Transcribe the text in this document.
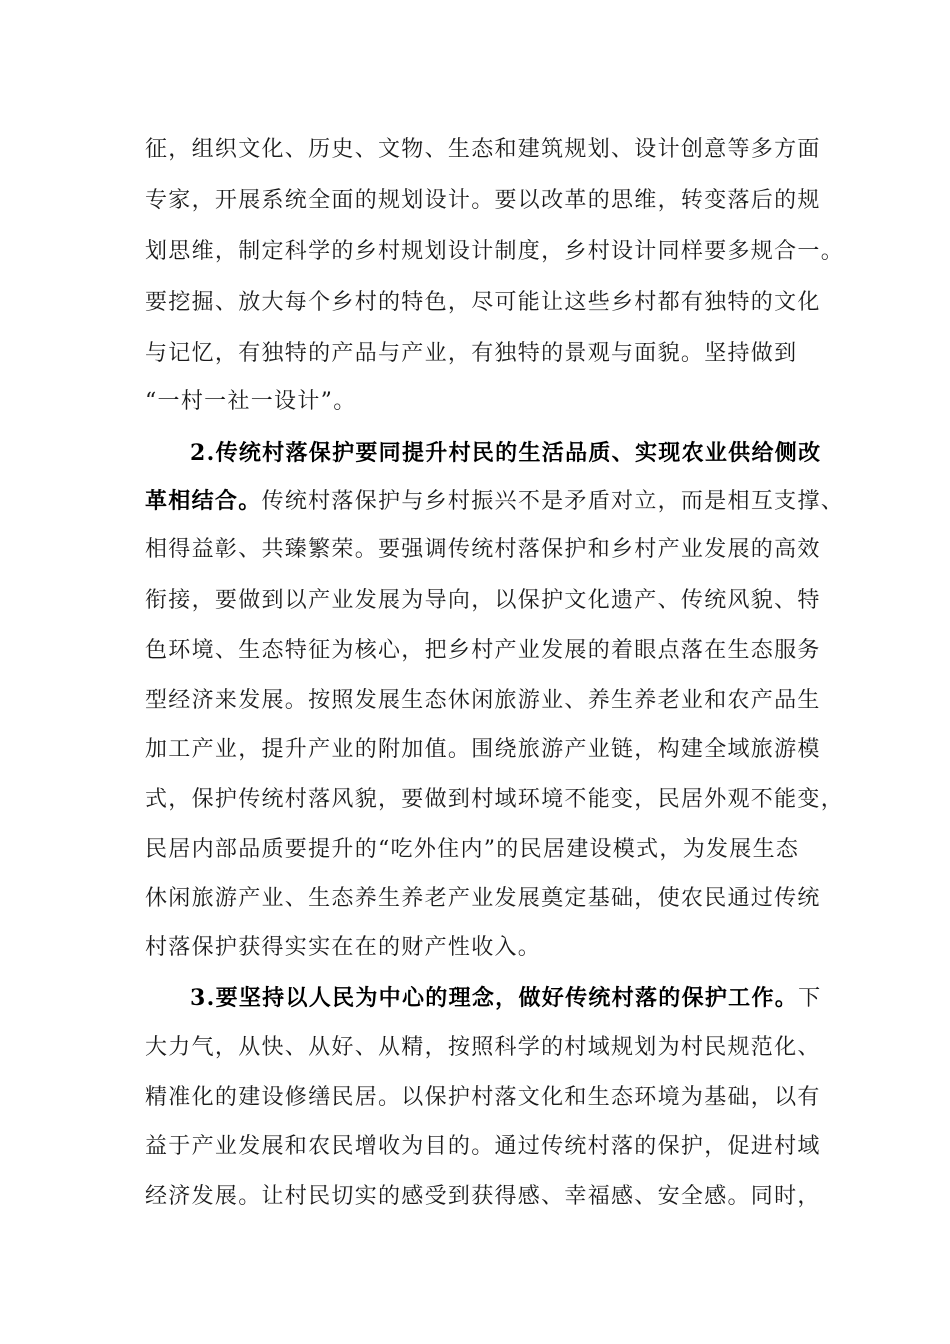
征，组织文化、历史、文物、生态和建筑规划、设计创意等多方面

专家，开展系统全面的规划设计。要以改革的思维，转变落后的规

划思维，制定科学的乡村规划设计制度，乡村设计同样要多规合一。

要挖掘、放大每个乡村的特色，尽可能让这些乡村都有独特的文化

与记忆，有独特的产品与产业，有独特的景观与面貌。坚持做到

“一村一社一设计”。

2.传统村落保护要同提升村民的生活品质、实现农业供给侧改

革相结合。传统村落保护与乡村振兴不是矛盾对立，而是相互支撑、

相得益彰、共臻繁荣。要强调传统村落保护和乡村产业发展的高效

衔接，要做到以产业发展为导向，以保护文化遗产、传统风貌、特

色环境、生态特征为核心，把乡村产业发展的着眼点落在生态服务

型经济来发展。按照发展生态休闲旅游业、养生养老业和农产品生

加工产业，提升产业的附加值。围绕旅游产业链，构建全域旅游模

式，保护传统村落风貌，要做到村域环境不能变，民居外观不能变，

民居内部品质要提升的“吃外住内”的民居建设模式，为发展生态

休闲旅游产业、生态养生养老产业发展奠定基础，使农民通过传统

村落保护获得实实在在的财产性收入。

3.要坚持以人民为中心的理念，做好传统村落的保护工作。下

大力气，从快、从好、从精，按照科学的村域规划为村民规范化、

精准化的建设修缮民居。以保护村落文化和生态环境为基础，以有

益于产业发展和农民增收为目的。通过传统村落的保护，促进村域

经济发展。让村民切实的感受到获得感、幸福感、安全感。同时，
